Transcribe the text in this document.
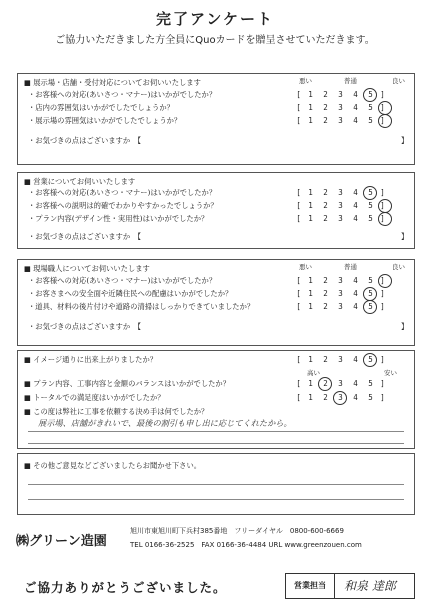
完了アンケート
ご協力いただきました方全員にQuoカードを贈呈させていただきます。
悪い	普通	良い
■ 展示場・店舗・受付対応についてお伺いいたします
・お客様への対応(あいさつ・マナー)はいかがでしたか？	[ 1 2 3 4 5 ]
・店内の雰囲気はいかがでしたでしょうか？	[ 1 2 3 4 5 ]
・展示場の雰囲気はいかがでしたでしょうか？	[ 1 2 3 4 5 ]
・お気づきの点はございますか　【	】
■ 営業についてお伺いいたします
・お客様への対応(あいさつ・マナー)はいかがでしたか？	[ 1 2 3 4 5 ]
・お客様への説明は的確でわかりやすかったでしょうか？	[ 1 2 3 4 5 ]
・プラン内容(デザイン性・実用性)はいかがでしたか？	[ 1 2 3 4 5 ]
・お気づきの点はございますか　【	】
悪い	普通	良い
■ 現場職人についてお伺いいたします
・お客様への対応(あいさつ・マナー)はいかがでしたか？	[ 1 2 3 4 5 ]
・お客さまへの安全面や近隣住民への配慮はいかがでしたか？	[ 1 2 3 4 5 ]
・道具、材料の後片付けや道路の清掃はしっかりできていましたか？	[ 1 2 3 4 5 ]
・お気づきの点はございますか　【	】
■ イメージ通りに出来上がりましたか？	[ 1 2 3 4 5 ]
高い	安い
■ プラン内容、工事内容と金額のバランスはいかがでしたか？	[ 1 2 3 4 5 ]
■ トータルでの満足度はいかがでしたか？	[ 1 2 3 4 5 ]
■ この度は弊社に工事を依頼する決め手は何でしたか？
展示場、店舗がきれいで、最後の割引も申し出に応じてくれたから。
■ その他ご意見などございましたらお聞かせ下さい。
㈱グリーン造園
旭川市東旭川町下兵村385番地　フリーダイヤル　0800-600-6669
TEL 0166-36-2525　FAX 0166-36-4484 URL www.greenzouen.com
ご協力ありがとうございました。	営業担当	和泉 達郎
